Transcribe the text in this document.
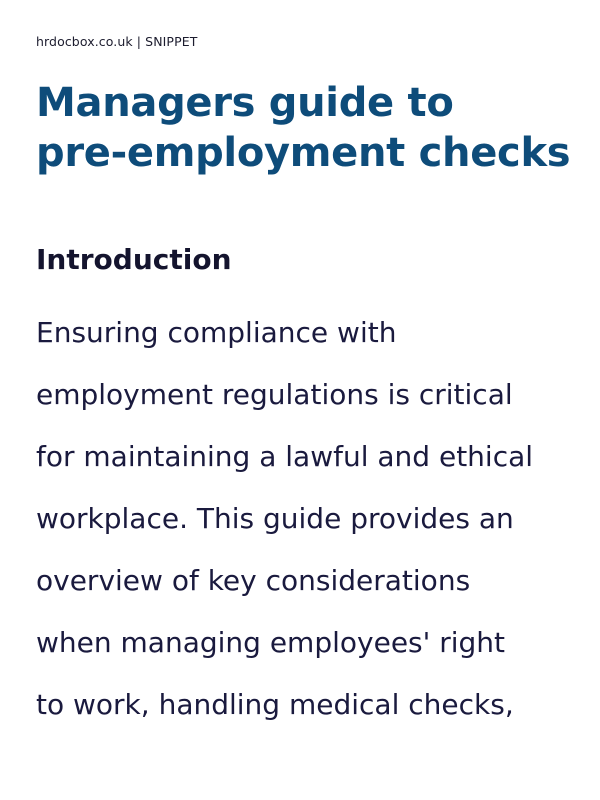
hrdocbox.co.uk | SNIPPET
Managers guide to
pre-employment checks
Introduction
Ensuring compliance with
employment regulations is critical
for maintaining a lawful and ethical
workplace. This guide provides an
overview of key considerations
when managing employees' right
to work, handling medical checks,
